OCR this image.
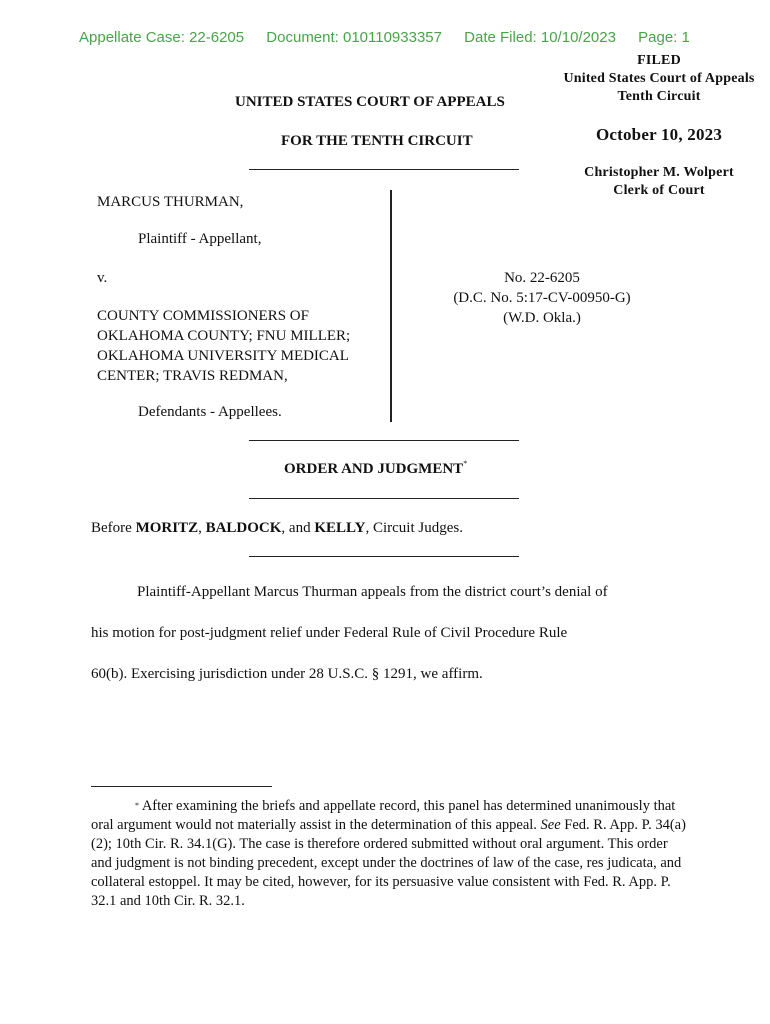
Appellate Case: 22-6205 Document: 010110933357 Date Filed: 10/10/2023 Page: 1
FILED
United States Court of Appeals
Tenth Circuit
October 10, 2023
Christopher M. Wolpert
Clerk of Court
UNITED STATES COURT OF APPEALS
FOR THE TENTH CIRCUIT
MARCUS THURMAN,
Plaintiff - Appellant,
v.
COUNTY COMMISSIONERS OF
OKLAHOMA COUNTY; FNU MILLER;
OKLAHOMA UNIVERSITY MEDICAL
CENTER; TRAVIS REDMAN,
Defendants - Appellees.
No. 22-6205
(D.C. No. 5:17-CV-00950-G)
(W.D. Okla.)
ORDER AND JUDGMENT*
Before MORITZ, BALDOCK, and KELLY, Circuit Judges.
Plaintiff-Appellant Marcus Thurman appeals from the district court’s denial of
his motion for post-judgment relief under Federal Rule of Civil Procedure Rule
60(b). Exercising jurisdiction under 28 U.S.C. § 1291, we affirm.
* After examining the briefs and appellate record, this panel has determined unanimously that oral argument would not materially assist in the determination of this appeal. See Fed. R. App. P. 34(a)(2); 10th Cir. R. 34.1(G). The case is therefore ordered submitted without oral argument. This order and judgment is not binding precedent, except under the doctrines of law of the case, res judicata, and collateral estoppel. It may be cited, however, for its persuasive value consistent with Fed. R. App. P. 32.1 and 10th Cir. R. 32.1.
